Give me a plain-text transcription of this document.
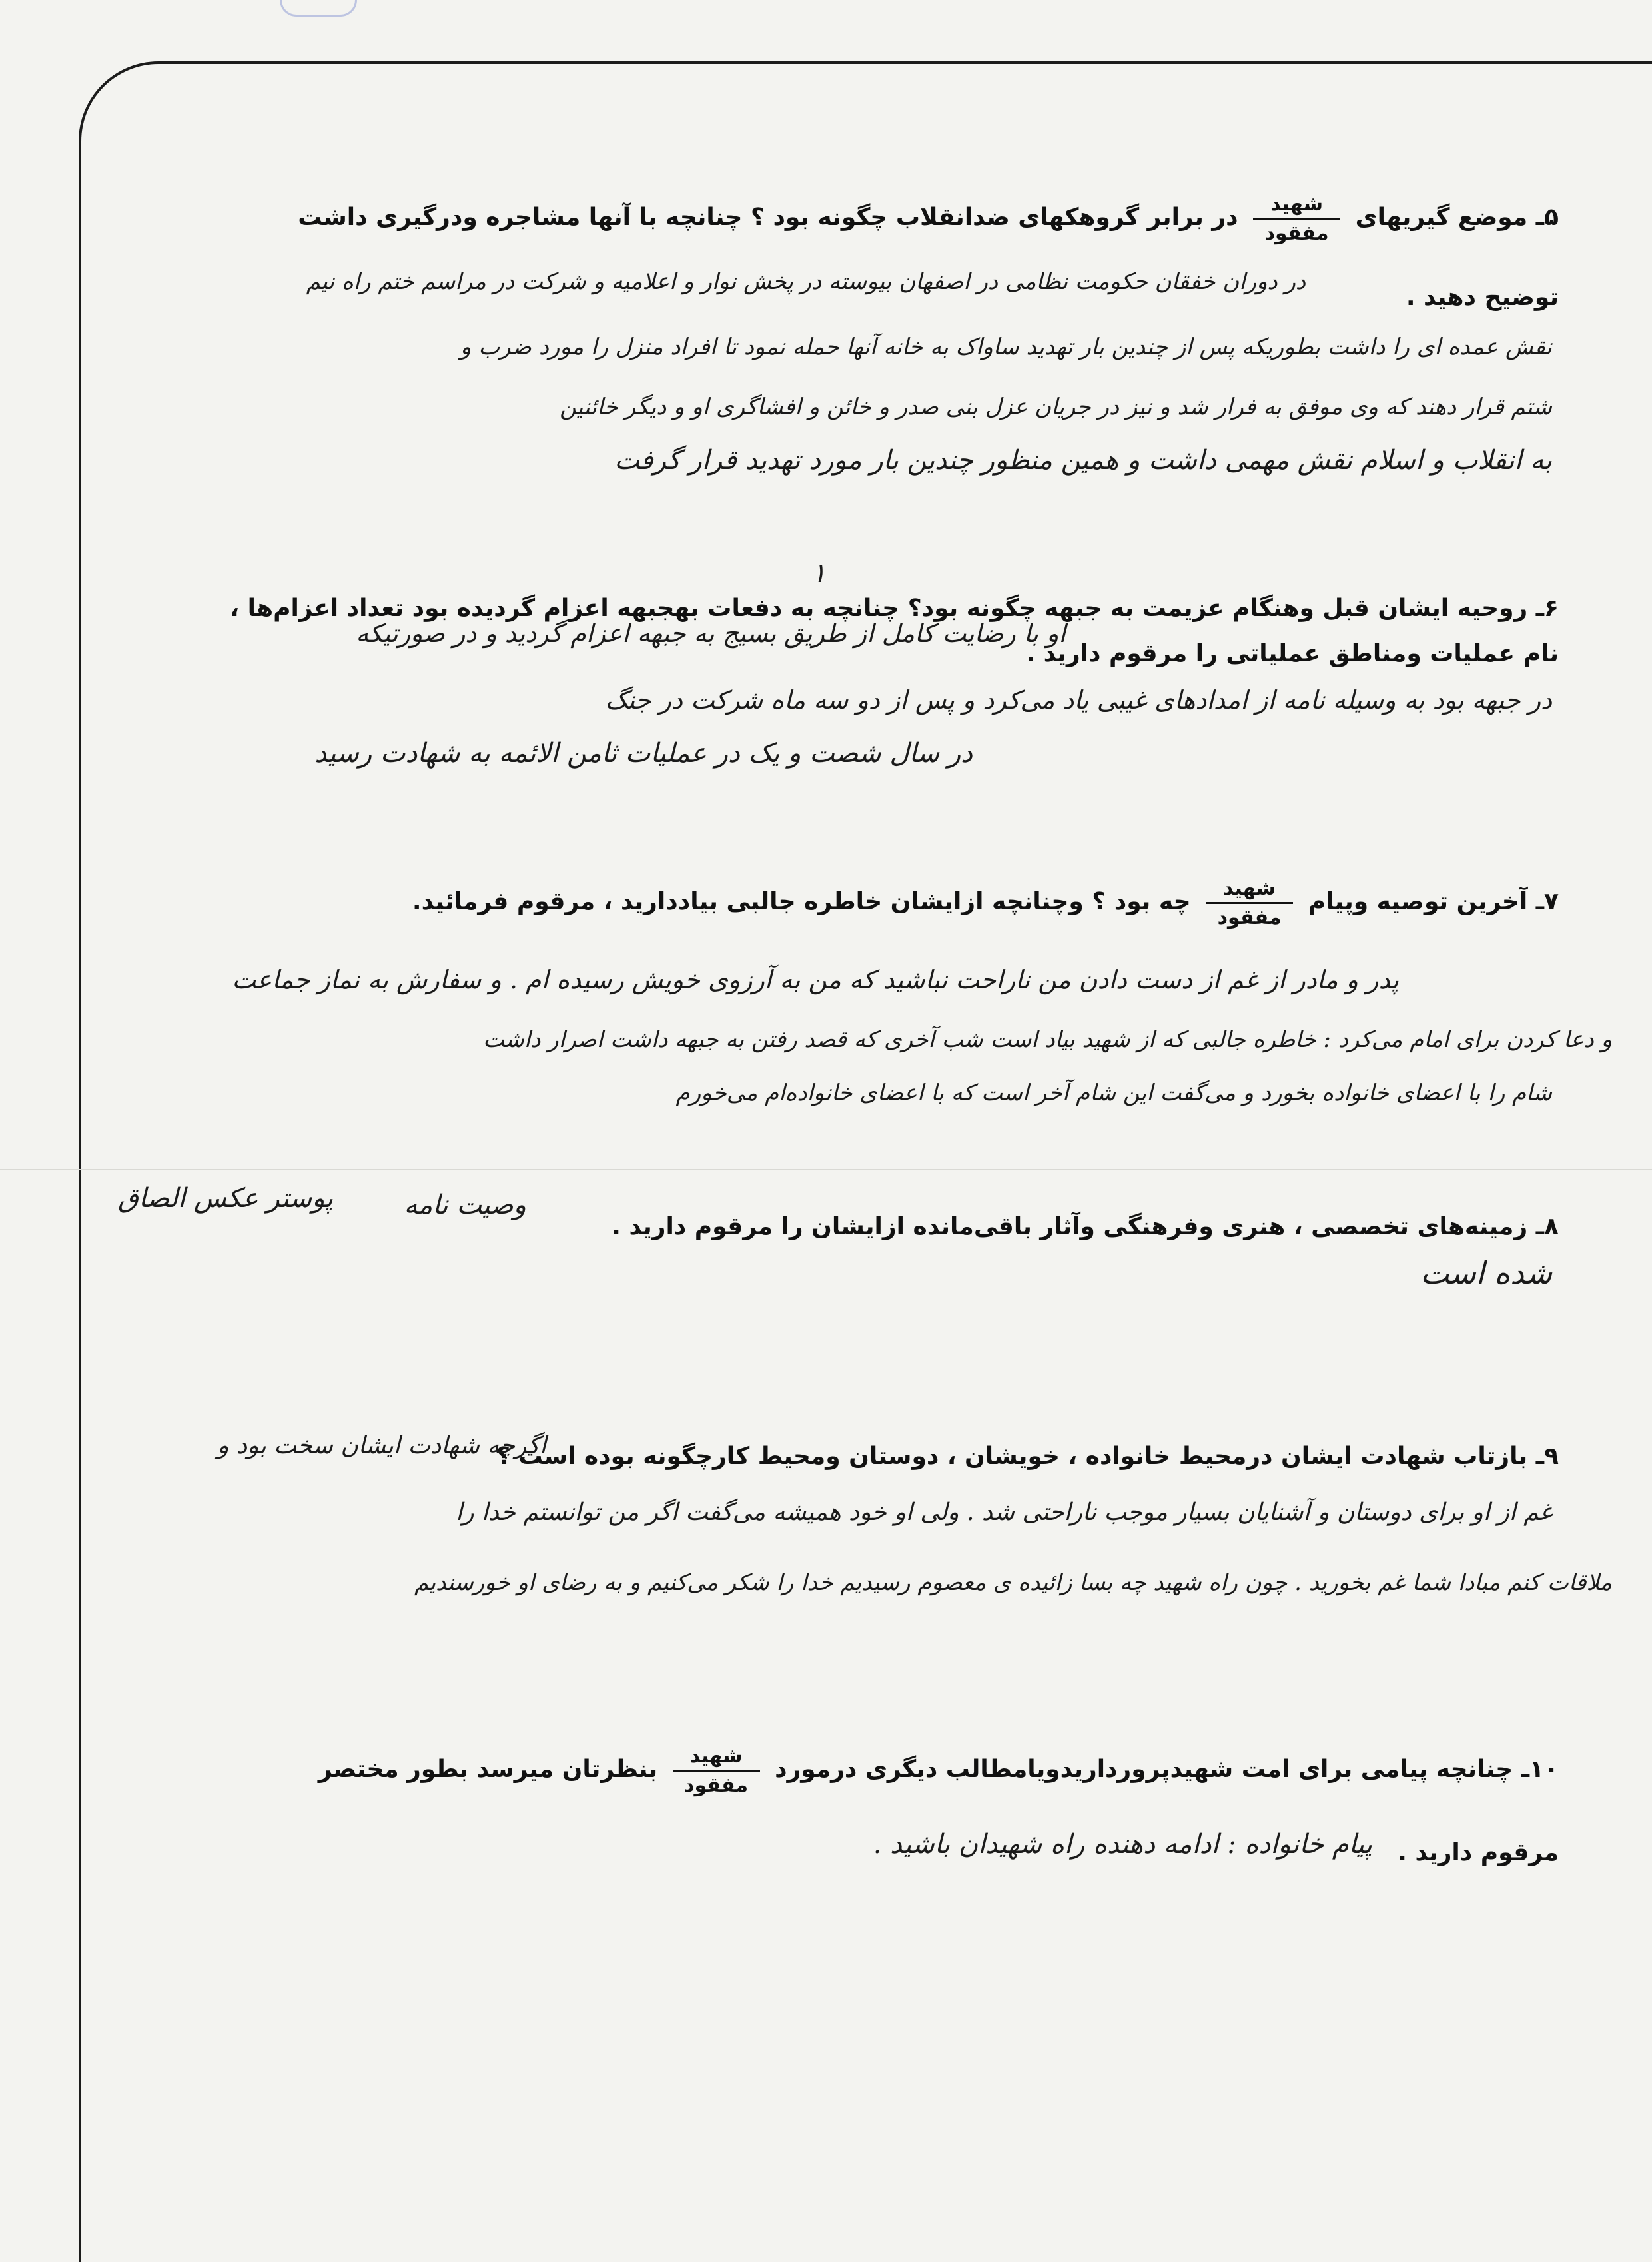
۵ـ موضع گیریهای
$\frac{\text{شهید}}{\text{مفقود}}$
در برابر گروهکهای ضدانقلاب چگونه بود ؟ چنانچه با آنها مشاجره ودرگیری داشت
توضیح دهید .
در دوران خفقان حکومت نظامی در اصفهان بیوسته در پخش نوار و اعلامیه و شرکت در مراسم ختم راه نیم
نقش عمده ای را داشت بطوریکه پس از چندین بار تهدید ساواک به خانه آنها حمله نمود تا افراد منزل را مورد ضرب و
شتم قرار دهند که وی موفق به فرار شد و نیز در جریان عزل بنی صدر و خائن و افشاگری او و دیگر خائنین
به انقلاب و اسلام نقش مهمی داشت و همین منظور چندین بار مورد تهدید قرار گرفت
۶ـ روحیه ایشان قبل وهنگام عزیمت به جبهه چگونه بود؟ چنانچه به دفعات بهجبهه اعزام گردیده بود تعداد اعزام‌ها ،
نام عملیات ومناطق عملیاتی را مرقوم دارید .
۱
او با رضایت کامل از طریق بسیج به جبهه اعزام گردید و در صورتیکه
در جبهه بود به وسیله نامه از امدادهای غیبی یاد می‌کرد و پس از دو سه ماه شرکت در جنگ
در سال شصت و یک در عملیات ثامن الائمه به شهادت رسید
۷ـ آخرین توصیه وپیام
$\frac{\text{شهید}}{\text{مفقود}}$
چه بود ؟ وچنانچه ازایشان خاطره جالبی بیاددارید ، مرقوم فرمائید.
پدر و مادر از غم از دست دادن من ناراحت نباشید که من به آرزوی خویش رسیده ام . و سفارش به نماز جماعت
و دعا کردن برای امام می‌کرد : خاطره جالبی که از شهید بیاد است شب آخری که قصد رفتن به جبهه داشت اصرار داشت
شام را با اعضای خانواده بخورد و می‌گفت این شام آخر است که با اعضای خانواده‌ام می‌خورم
۸ـ زمینه‌های تخصصی ، هنری وفرهنگی وآثار باقی‌مانده ازایشان را مرقوم دارید .
وصیت نامه
پوستر عکس الصاق
شده است
۹ـ بازتاب شهادت ایشان درمحیط خانواده ، خویشان ، دوستان ومحیط کارچگونه بوده است ؟
اگرچه شهادت ایشان سخت بود و
غم از او برای دوستان و آشنایان بسیار موجب ناراحتی شد . ولی او خود همیشه می‌گفت اگر من توانستم خدا را
ملاقات کنم مبادا شما غم بخورید . چون راه شهید چه بسا زائیده ی معصوم رسیدیم خدا را شکر می‌کنیم و به رضای او خورسندیم
۱۰ـ چنانچه پیامی برای امت شهیدپرورداریدویامطالب دیگری درمورد
$\frac{\text{شهید}}{\text{مفقود}}$
بنظرتان میرسد بطور مختصر
مرقوم دارید .
پیام خانواده : ادامه دهنده راه شهیدان باشید .
